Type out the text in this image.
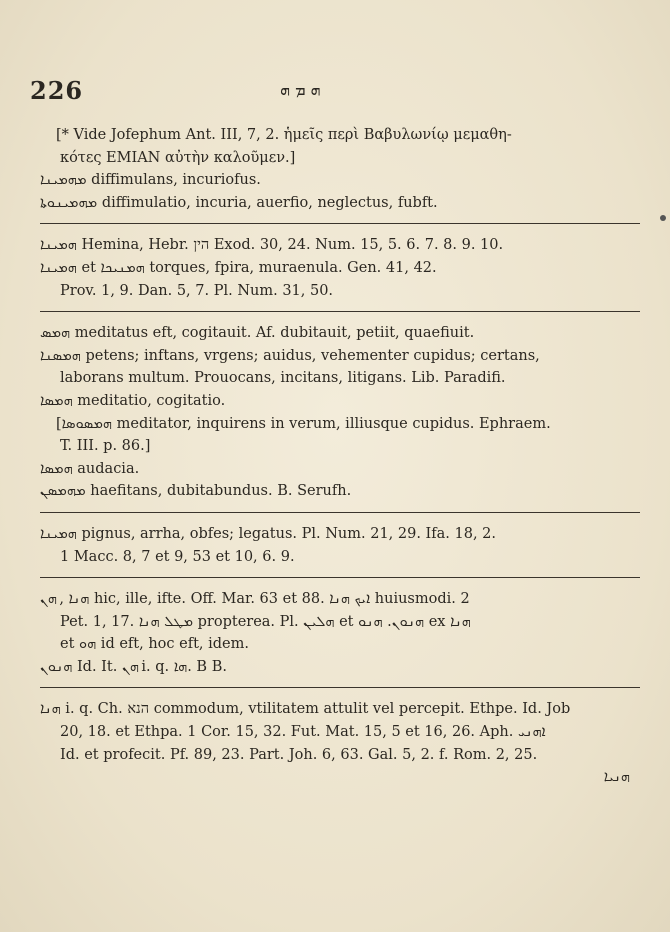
226	ܗ ܡ ܗ
[* Vide Jofephum Ant. III, 7, 2. ἡμεῖς περὶ Βαβυλωνίῳ μεμαθη-
κότες EMIAN αὐτὴν καλοῦμεν.]
ܡܗܡܝܢܐ diffimulans, incuriofus.
ܡܗܡܝܢܘܬܐ diffimulatio, incuria, auerfio, neglectus, fubft.
ܗܡܝܢܐ Hemina, Hebr. הין Exod. 30, 24. Num. 15, 5. 6. 7. 8. 9. 10.
ܗܡܝܢܐ et ܗܡܢܝܟܐ torques, fpira, muraenula. Gen. 41, 42.
Prov. 1, 9. Dan. 5, 7. Pl. Num. 31, 50.
ܗܡܣ meditatus eft, cogitauit. Af. dubitauit, petiit, quaefiuit.
ܗܡܣܢܐ petens; inftans, vrgens; auidus, vehementer cupidus; certans,
laborans multum. Prouocans, incitans, litigans. Lib. Paradifi.
ܗܡܣܐ meditatio, cogitatio.
[ܗܡܣܘܣܐ meditator, inquirens in verum, illiusque cupidus. Ephraem.
T. III. p. 86.]
ܗܡܣܐ audacia.
ܡܗܡܣܢ haefitans, dubitabundus. B. Serufh.
ܗܡܝܢܐ pignus, arrha, obfes; legatus. Pl. Num. 21, 29. Ifa. 18, 2.
1 Macc. 8, 7 et 9, 53 et 10, 6. 9.
ܗܢܐ , ܗܢ hic, ille, ifte. Off. Mar. 63 et 88. ܐܝܟ ܗܢܐ huiusmodi. 2
Pet. 1, 17. ܡܛܠ ܗܢܐ propterea. Pl. ܗܠܝܢ et ܗܢܘܢ. ܗܢܘ ex ܗܢܐ
et ܗܘ id eft, hoc eft, idem.
ܗܢܘܢ Id. It. ܗܢ i. q. ܗܐ. B B.
ܗܢܐ i. q. Ch. הנא commodum, vtilitatem attulit vel percepit. Ethpe. Id. Job
20, 18. et Ethpa. 1 Cor. 15, 32. Fut. Mat. 15, 5 et 16, 26. Aph. ܐܗܢܝ
Id. et profecit. Pf. 89, 23. Part. Joh. 6, 63. Gal. 5, 2. f. Rom. 2, 25.
ܗܢܝܐ
